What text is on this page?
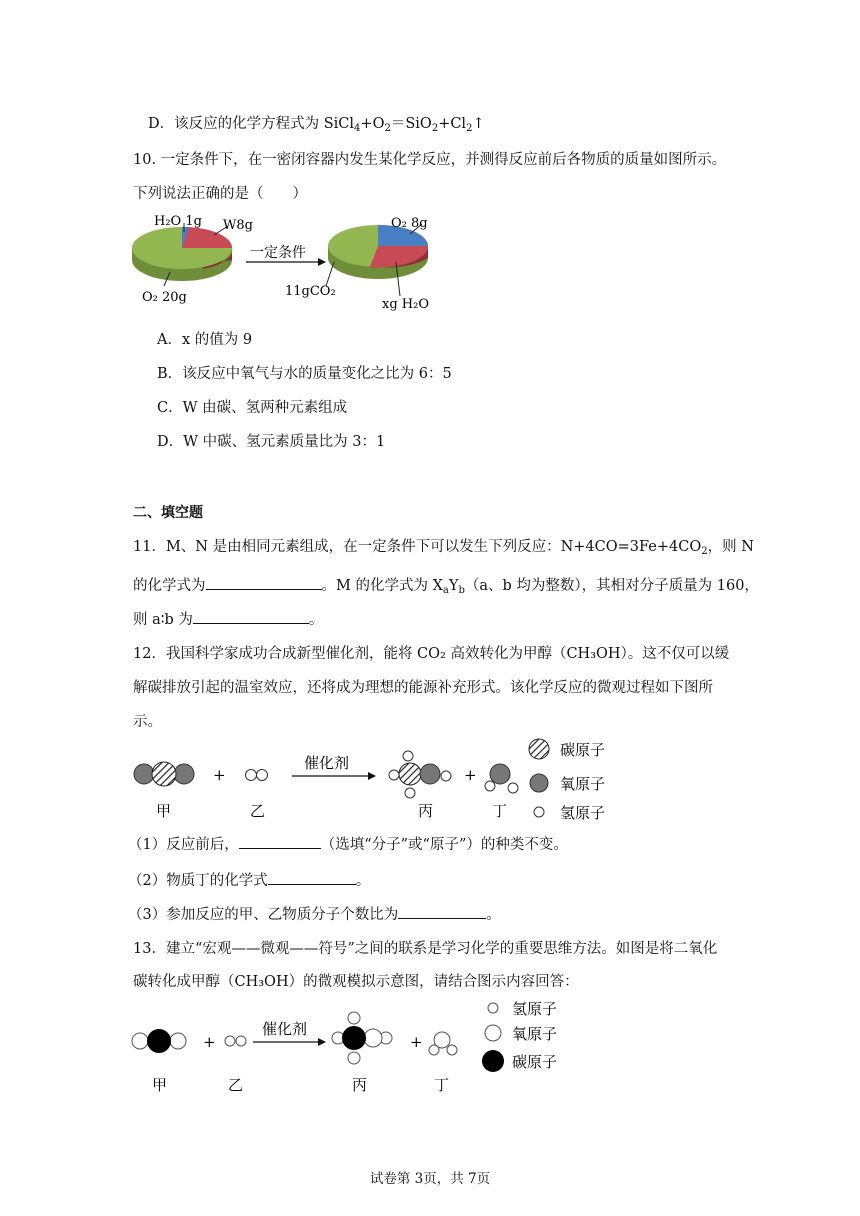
D．该反应的化学方程式为 $SiCl_4+O_2=SiO_2+Cl_2↑$
10. 一定条件下，在一密闭容器内发生某化学反应，并测得反应前后各物质的质量如图所示。
下列说法正确的是（　　）
H₂O 1g W8g
O₂ 20g
一定条件
O₂ 8g
11gCO₂
xg H₂O
A．x 的值为 9
B．该反应中氧气与水的质量变化之比为 6：5
C．W 由碳、氢两种元素组成
D．W 中碳、氢元素质量比为 3：1
二、填空题
11．M、N 是由相同元素组成，在一定条件下可以发生下列反应：$N+4CO=3Fe+4CO_2$，则 N
的化学式为	。M 的化学式为 $X_aY_b(a$、b 均为整数），其相对分子质量为 160，
则 a∶b 为	。
12．我国科学家成功合成新型催化剂，能将 CO₂ 高效转化为甲醇（CH₃OH）。这不仅可以缓
解碳排放引起的温室效应，还将成为理想的能源补充形式。该化学反应的微观过程如下图所
示。
+
催化剂
+
甲	乙	丙	丁
碳原子
氧原子
氢原子
（1）反应前后，	（选填“分子”或“原子”）的种类不变。
（2）物质丁的化学式	。
（3）参加反应的甲、乙物质分子个数比为	。
13．建立“宏观——微观——符号”之间的联系是学习化学的重要思维方法。如图是将二氧化
碳转化成甲醇（CH₃OH）的微观模拟示意图，请结合图示内容回答：
+
催化剂
+
甲	乙	丙	丁
氢原子
氧原子
碳原子
试卷第 3页，共 7页
